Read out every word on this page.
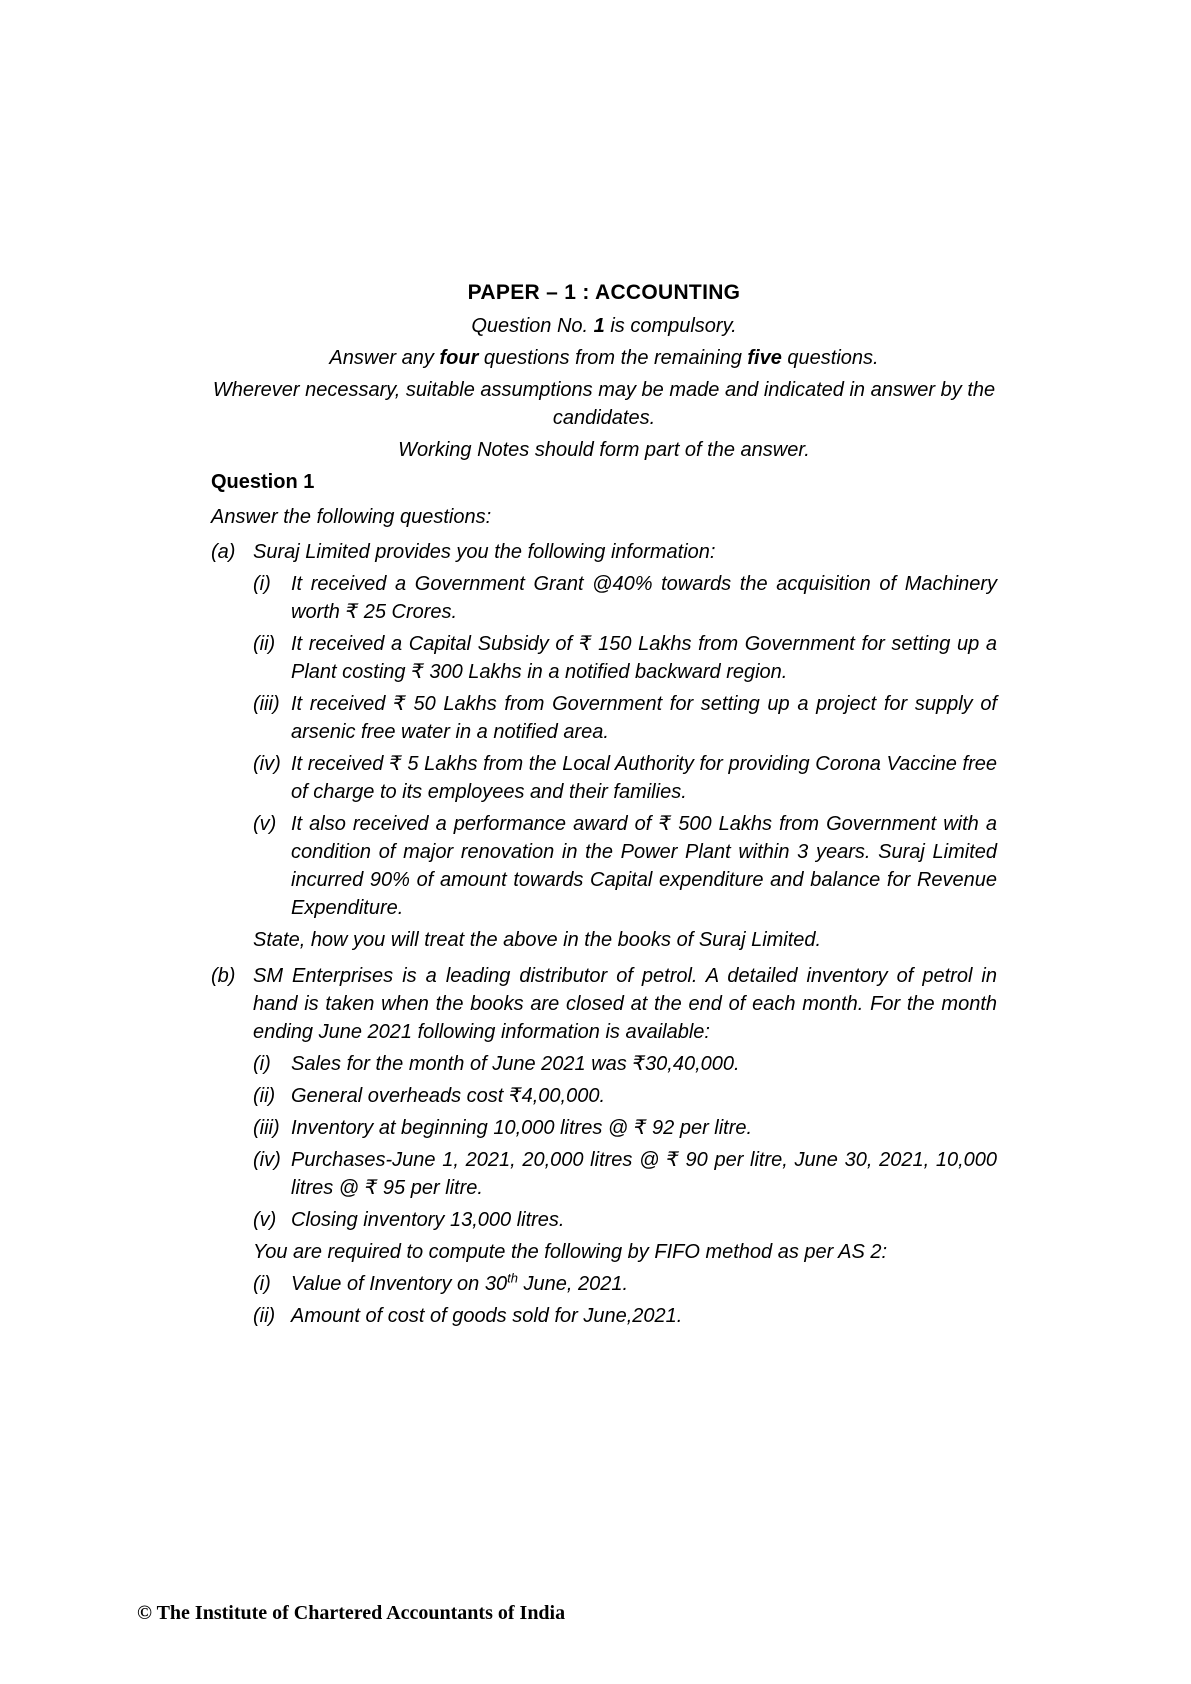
PAPER – 1 : ACCOUNTING
Question No. 1 is compulsory.
Answer any four questions from the remaining five questions.
Wherever necessary, suitable assumptions may be made and indicated in answer by the candidates.
Working Notes should form part of the answer.
Question 1
Answer the following questions:
(a) Suraj Limited provides you the following information:
(i)	It received a Government Grant @40% towards the acquisition of Machinery worth ₹ 25 Crores.
(ii) It received a Capital Subsidy of ₹ 150 Lakhs from Government for setting up a Plant costing ₹ 300 Lakhs in a notified backward region.
(iii) It received ₹ 50 Lakhs from Government for setting up a project for supply of arsenic free water in a notified area.
(iv) It received ₹ 5 Lakhs from the Local Authority for providing Corona Vaccine free of charge to its employees and their families.
(v) It also received a performance award of ₹ 500 Lakhs from Government with a condition of major renovation in the Power Plant within 3 years. Suraj Limited incurred 90% of amount towards Capital expenditure and balance for Revenue Expenditure.
State, how you will treat the above in the books of Suraj Limited.
(b) SM Enterprises is a leading distributor of petrol. A detailed inventory of petrol in hand is taken when the books are closed at the end of each month. For the month ending June 2021 following information is available:
(i)	Sales for the month of June 2021 was ₹30,40,000.
(ii) General overheads cost ₹4,00,000.
(iii) Inventory at beginning 10,000 litres @ ₹ 92 per litre.
(iv) Purchases-June 1, 2021, 20,000 litres @ ₹ 90 per litre, June 30, 2021, 10,000 litres @ ₹ 95 per litre.
(v) Closing inventory 13,000 litres.
You are required to compute the following by FIFO method as per AS 2:
(i)	Value of Inventory on 30th June, 2021.
(ii) Amount of cost of goods sold for June,2021.
© The Institute of Chartered Accountants of India
